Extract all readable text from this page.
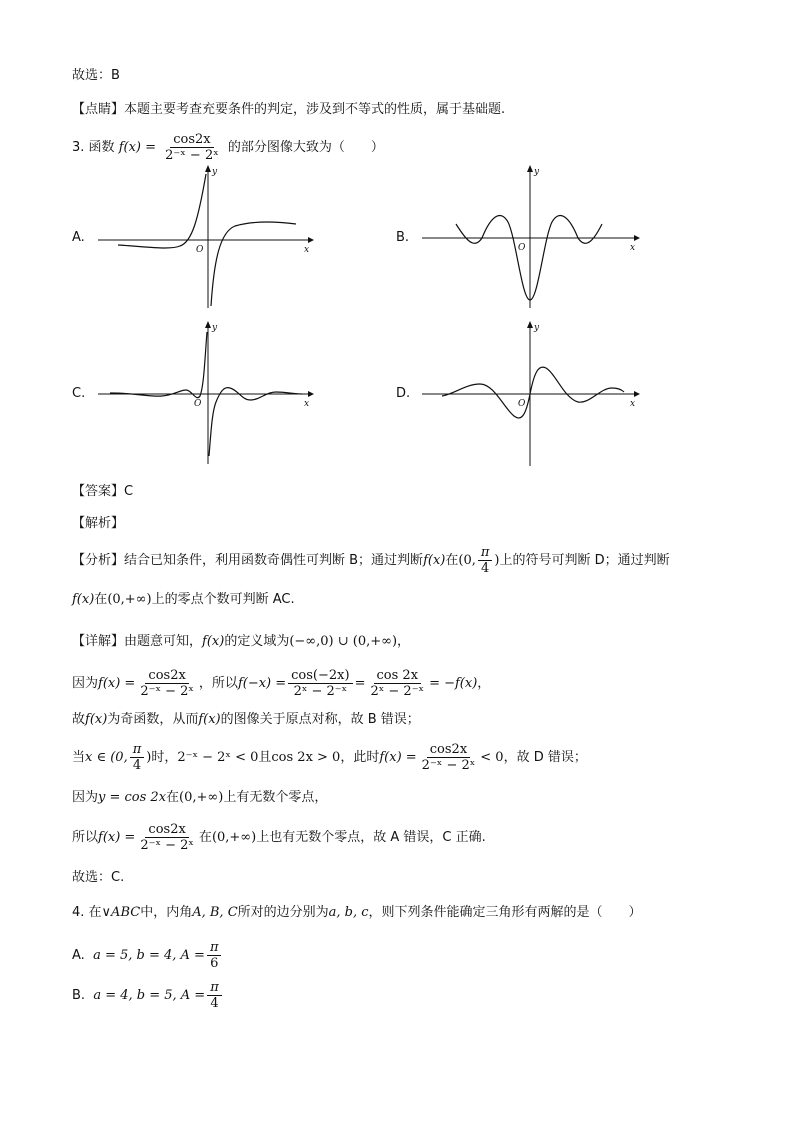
故选：B
【点睛】本题主要考查充要条件的判定，涉及到不等式的性质，属于基础题.
3. 函数 $f(x) = \frac{\cos 2x}{\text{2⁻ˣ − 2ˣ}}$ 的部分图像大致为（　　）
A.	B.
C.	D.
x
y
O	x
y
O
x
y
O	x
y
O
【答案】C
【解析】
【分析】结合已知条件，利用函数奇偶性可判断 B；通过判断f(x)在(0, $\frac{\pi}{4}$ )上的符号可判断 D；通过判断
f(x)在(0,+∞)上的零点个数可判断 AC.
【详解】由题意可知，f(x)的定义域为(−∞,0) ∪ (0,+∞)，
因为$f(x) = \frac{\cos 2x}{\text{2⁻ˣ − 2ˣ}}$ ，所以$f(-x) = \frac{\cos(-2x)}{\text{2ˣ − 2⁻ˣ}} = \frac{\cos 2x}{\text{2ˣ − 2⁻ˣ}} = -f(x)$，
故f(x)为奇函数，从而f(x)的图像关于原点对称，故 B 错误；
当x ∈ (0, $\frac{\pi}{4}$ )时，2⁻ˣ − 2ˣ < 0且cos 2x > 0，此时$f(x) = \frac{\cos 2x}{\text{2⁻ˣ − 2ˣ}} < 0$，故 D 错误；
因为y = cos 2x在(0,+∞)上有无数个零点，
所以$f(x) = \frac{\cos 2x}{\text{2⁻ˣ − 2ˣ}}$ 在(0,+∞)上也有无数个零点，故 A 错误，C 正确.
故选：C.
4. 在∨ABC中，内角A, B, C所对的边分别为a, b, c，则下列条件能确定三角形有两解的是（　　）
A. a = 5, b = 4, $A = \frac{\pi}{6}$
B. a = 4, b = 5, $A = \frac{\pi}{4}$
